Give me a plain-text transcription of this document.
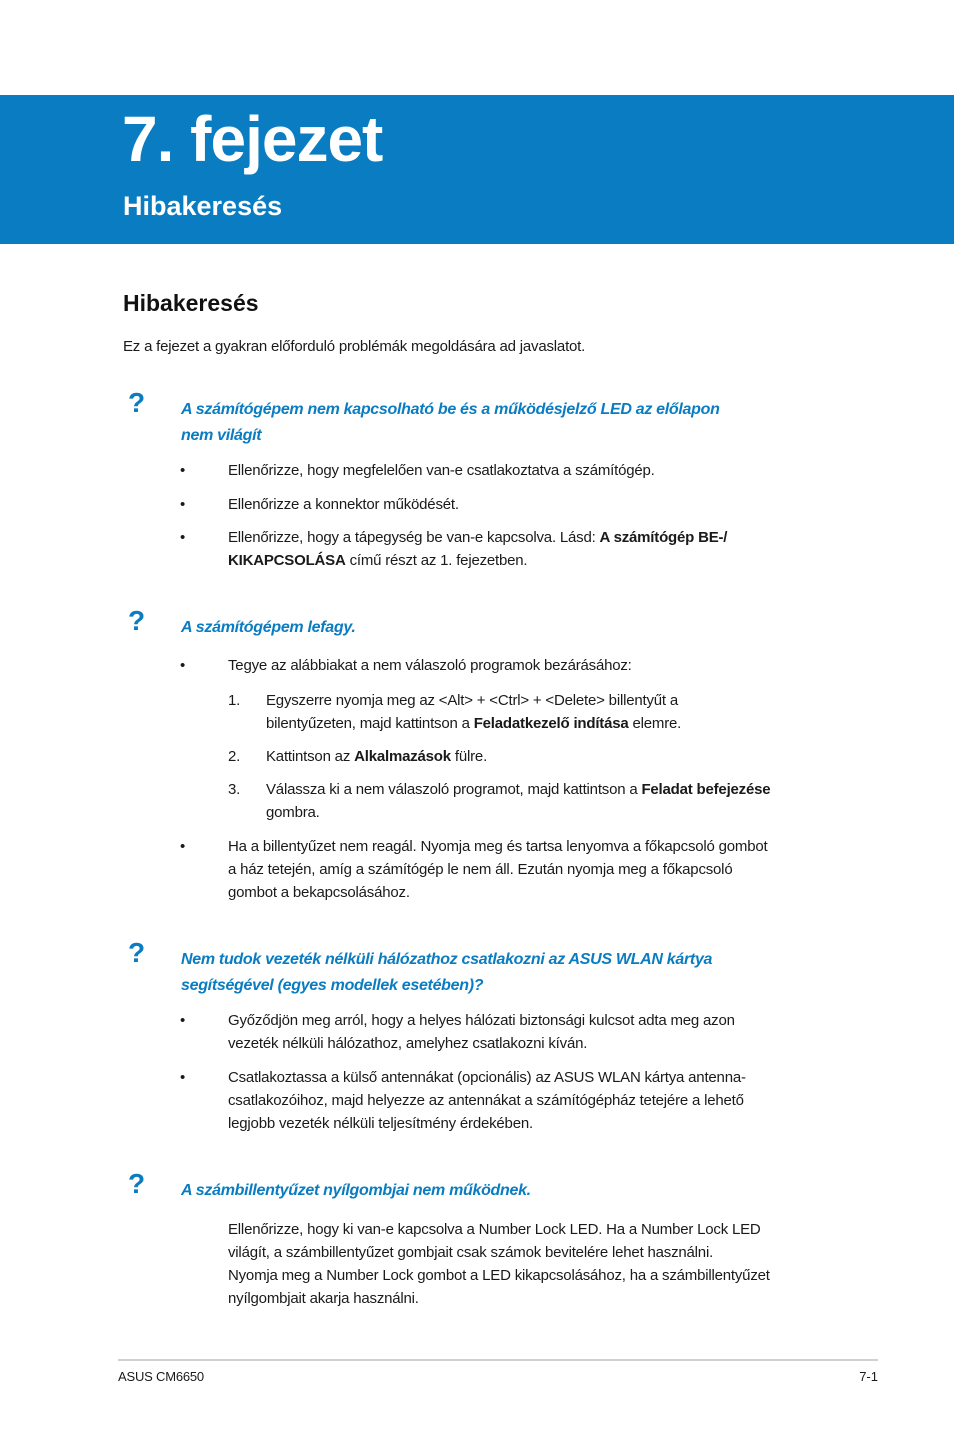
7. fejezet
Hibakeresés
Hibakeresés

Ez a fejezet a gyakran előforduló problémák megoldására ad javaslatot.

? A számítógépem nem kapcsolható be és a működésjelző LED az előlapon
nem világít

•	Ellenőrizze, hogy megfelelően van-e csatlakoztatva a számítógép.
•	Ellenőrizze a konnektor működését.
•	Ellenőrizze, hogy a tápegység be van-e kapcsolva. Lásd: A számítógép BE-/
KIKAPCSOLÁSA című részt az 1. fejezetben.
? A számítógépem lefagy.

•	Tegye az alábbiakat a nem válaszoló programok bezárásához:
1. Egyszerre nyomja meg az <Alt> + <Ctrl> + <Delete> billentyűt a
bilentyűzeten, majd kattintson a Feladatkezelő indítása elemre.
2. Kattintson az Alkalmazások fülre.
3. Válassza ki a nem válaszoló programot, majd kattintson a Feladat befejezése
gombra.
•	Ha a billentyűzet nem reagál. Nyomja meg és tartsa lenyomva a főkapcsoló gombot
a ház tetején, amíg a számítógép le nem áll. Ezután nyomja meg a főkapcsoló
gombot a bekapcsolásához.
? Nem tudok vezeték nélküli hálózathoz csatlakozni az ASUS WLAN kártya
segítségével (egyes modellek esetében)?

•	Győződjön meg arról, hogy a helyes hálózati biztonsági kulcsot adta meg azon
vezeték nélküli hálózathoz, amelyhez csatlakozni kíván.
•	Csatlakoztassa a külső antennákat (opcionális) az ASUS WLAN kártya antenna-
csatlakozóihoz, majd helyezze az antennákat a számítógépház tetejére a lehető
legjobb vezeték nélküli teljesítmény érdekében.
? A számbillentyűzet nyílgombjai nem működnek.

Ellenőrizze, hogy ki van-e kapcsolva a Number Lock LED. Ha a Number Lock LED
világít, a számbillentyűzet gombjait csak számok bevitelére lehet használni.
Nyomja meg a Number Lock gombot a LED kikapcsolásához, ha a számbillentyűzet
nyílgombjait akarja használni.
ASUS CM6650	7-1
